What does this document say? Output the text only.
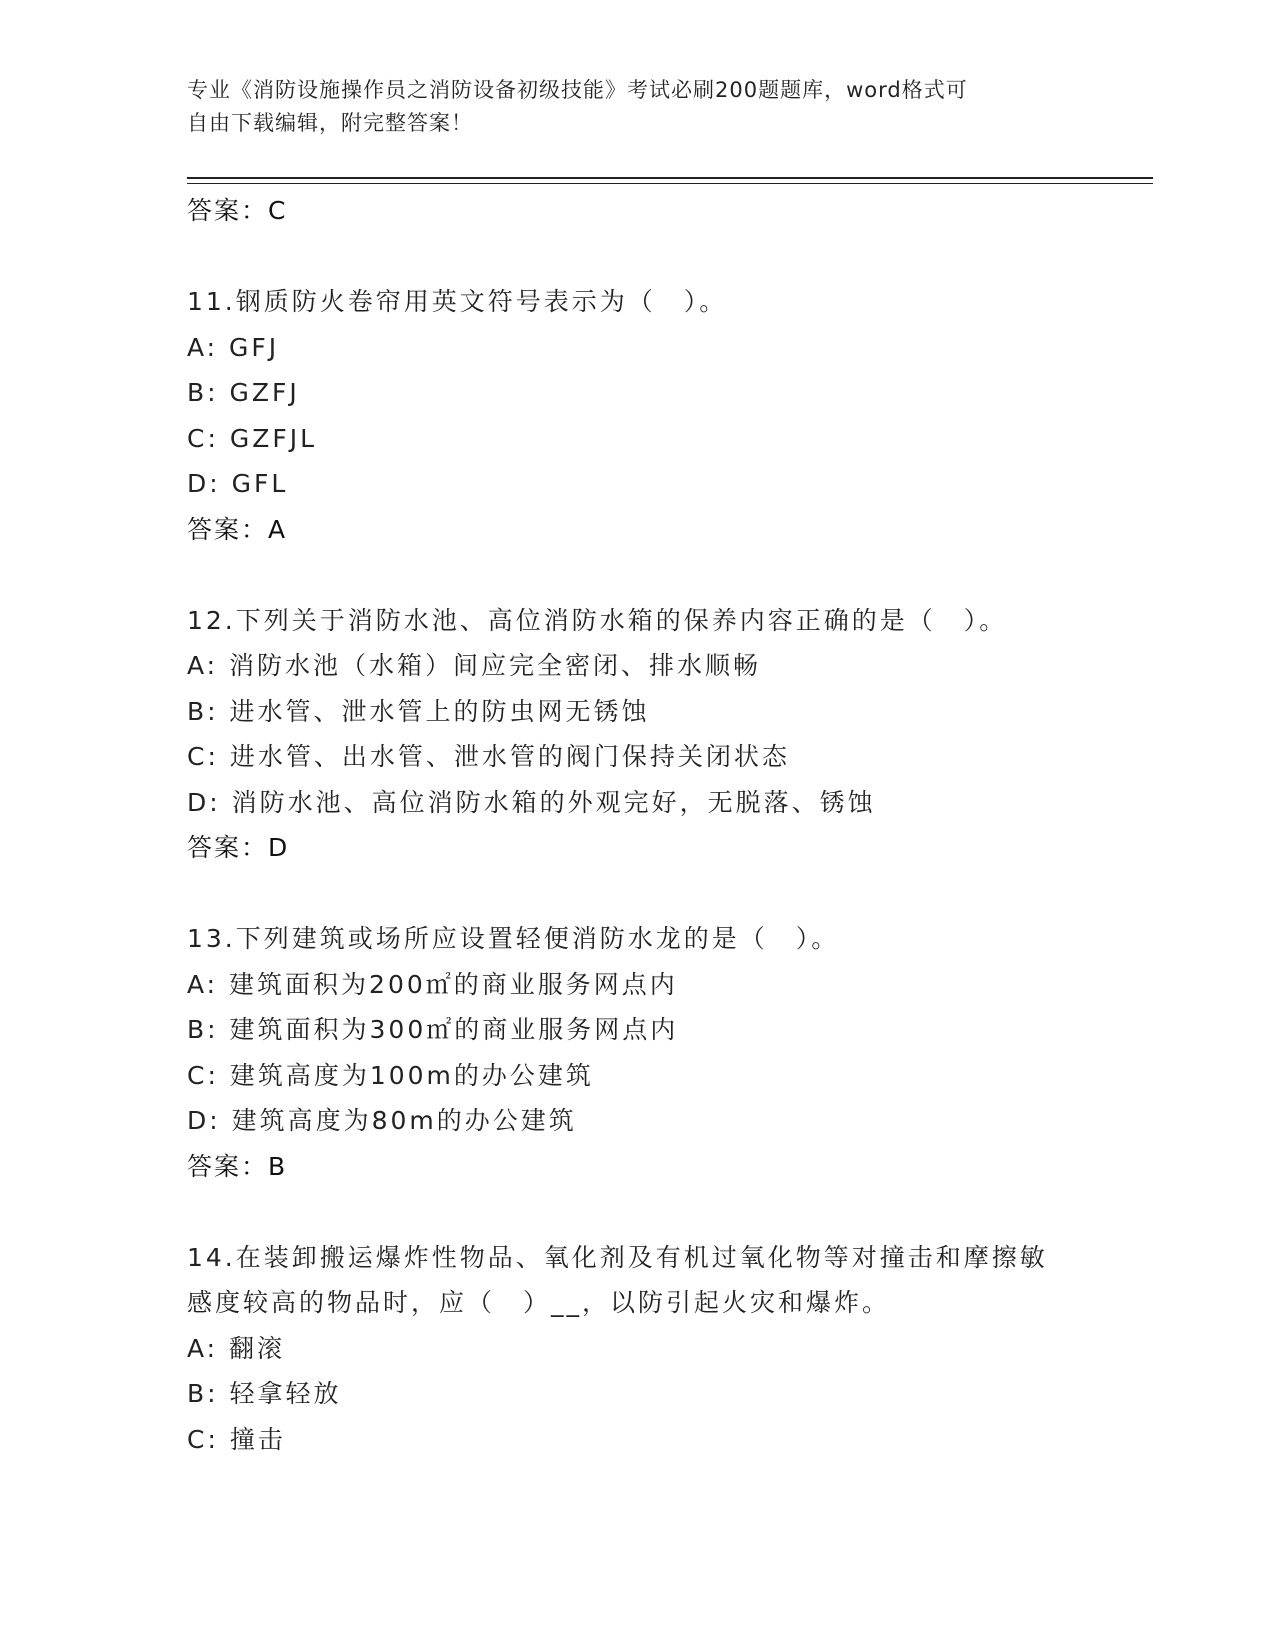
专业《消防设施操作员之消防设备初级技能》考试必刷200题题库，word格式可
自由下载编辑，附完整答案！
答案：C
11.钢质防火卷帘用英文符号表示为（　）。
A: GFJ
B: GZFJ
C: GZFJL
D: GFL
答案：A
12.下列关于消防水池、高位消防水箱的保养内容正确的是（　）。
A: 消防水池（水箱）间应完全密闭、排水顺畅
B: 进水管、泄水管上的防虫网无锈蚀
C: 进水管、出水管、泄水管的阀门保持关闭状态
D: 消防水池、高位消防水箱的外观完好，无脱落、锈蚀
答案：D
13.下列建筑或场所应设置轻便消防水龙的是（　）。
A: 建筑面积为200㎡的商业服务网点内
B: 建筑面积为300㎡的商业服务网点内
C: 建筑高度为100m的办公建筑
D: 建筑高度为80m的办公建筑
答案：B
14.在装卸搬运爆炸性物品、氧化剂及有机过氧化物等对撞击和摩擦敏
感度较高的物品时，应（　）__，以防引起火灾和爆炸。
A: 翻滚
B: 轻拿轻放
C: 撞击
